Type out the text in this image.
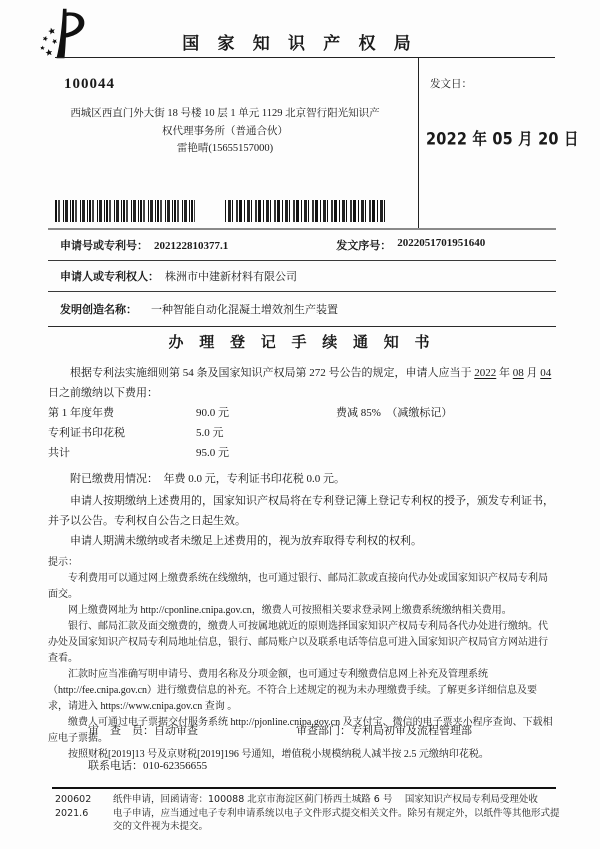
国 家 知 识 产 权 局
100044
西城区西直门外大街 18 号楼 10 层 1 单元 1129 北京智行阳光知识产
权代理事务所（普通合伙）
雷艳晴(15655157000)
发文日：
2022 年 05 月 20 日
申请号或专利号： 202122810377.1	发文序号： 2022051701951640
申请人或专利权人： 株洲市中建新材料有限公司
发明创造名称： 一种智能自动化混凝土增效剂生产装置
办 理 登 记 手 续 通 知 书
根据专利法实施细则第 54 条及国家知识产权局第 272 号公告的规定，申请人应当于 2022 年 08 月 04 日之前缴纳以下费用：
第 1 年度年费	90.0 元	费减 85%　（减缴标记）
专利证书印花税	5.0 元
共计	95.0 元
附已缴费用情况：　年费 0.0 元，专利证书印花税 0.0 元。
申请人按期缴纳上述费用的，国家知识产权局将在专利登记簿上登记专利权的授予，颁发专利证书，并予以公告。专利权自公告之日起生效。
申请人期满未缴纳或者未缴足上述费用的，视为放弃取得专利权的权利。
提示：
专利费用可以通过网上缴费系统在线缴纳，也可通过银行、邮局汇款或直接向代办处或国家知识产权局专利局面交。
网上缴费网址为 http://cponline.cnipa.gov.cn，缴费人可按照相关要求登录网上缴费系统缴纳相关费用。
银行、邮局汇款及面交缴费的，缴费人可按属地就近的原则选择国家知识产权局专利局各代办处进行缴纳。代办处及国家知识产权局专利局地址信息，银行、邮局账户以及联系电话等信息可进入国家知识产权局官方网站进行查看。
汇款时应当准确写明申请号、费用名称及分项金额，也可通过专利缴费信息网上补充及管理系统（http://fee.cnipa.gov.cn）进行缴费信息的补充。不符合上述规定的视为未办理缴费手续。了解更多详细信息及要求，请进入 https://www.cnipa.gov.cn 查询 。
缴费人可通过电子票据交付服务系统 http://pjonline.cnipa.gov.cn 及支付宝、微信的电子票夹小程序查询、下载相应电子票据。
按照财税[2019]13 号及京财税[2019]196 号通知，增值税小规模纳税人减半按 2.5 元缴纳印花税。
审　查　员：自动审查	审查部门：专利局初审及流程管理部
联系电话：010-62356655
200602
2021.6
纸件申请，回函请寄：100088 北京市海淀区蓟门桥西土城路 6 号　 国家知识产权局专利局受理处收
电子申请，应当通过电子专利申请系统以电子文件形式提交相关文件。除另有规定外，以纸件等其他形式提交的文件视为未提交。
